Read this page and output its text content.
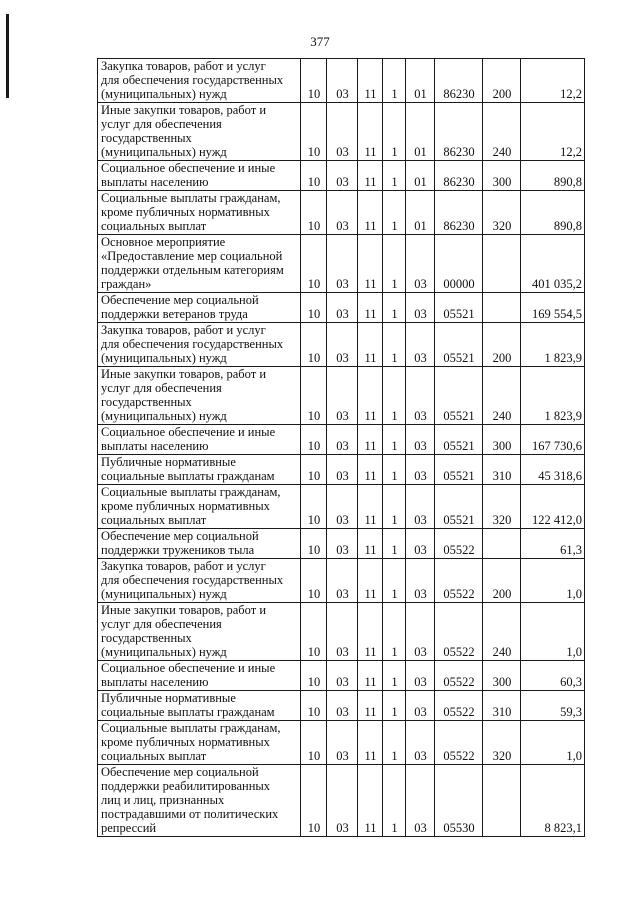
377
Закупка товаров, работ и услуг
для обеспечения государственных
(муниципальных) нужд	10	03	11	1	01	86230	200	12,2

Иные закупки товаров, работ и
услуг для обеспечения
государственных
(муниципальных) нужд	10	03	11	1	01	86230	240	12,2

Социальное обеспечение и иные
выплаты населению	10	03	11	1	01	86230	300	890,8

Социальные выплаты гражданам,
кроме публичных нормативных
социальных выплат	10	03	11	1	01	86230	320	890,8

Основное мероприятие
«Предоставление мер социальной
поддержки отдельным категориям
граждан»	10	03	11	1	03	00000		401 035,2

Обеспечение мер социальной
поддержки ветеранов труда	10	03	11	1	03	05521		169 554,5

Закупка товаров, работ и услуг
для обеспечения государственных
(муниципальных) нужд	10	03	11	1	03	05521	200	1 823,9

Иные закупки товаров, работ и
услуг для обеспечения
государственных
(муниципальных) нужд	10	03	11	1	03	05521	240	1 823,9

Социальное обеспечение и иные
выплаты населению	10	03	11	1	03	05521	300	167 730,6

Публичные нормативные
социальные выплаты гражданам	10	03	11	1	03	05521	310	45 318,6

Социальные выплаты гражданам,
кроме публичных нормативных
социальных выплат	10	03	11	1	03	05521	320	122 412,0

Обеспечение мер социальной
поддержки тружеников тыла	10	03	11	1	03	05522		61,3

Закупка товаров, работ и услуг
для обеспечения государственных
(муниципальных) нужд	10	03	11	1	03	05522	200	1,0

Иные закупки товаров, работ и
услуг для обеспечения
государственных
(муниципальных) нужд	10	03	11	1	03	05522	240	1,0

Социальное обеспечение и иные
выплаты населению	10	03	11	1	03	05522	300	60,3

Публичные нормативные
социальные выплаты гражданам	10	03	11	1	03	05522	310	59,3

Социальные выплаты гражданам,
кроме публичных нормативных
социальных выплат	10	03	11	1	03	05522	320	1,0

Обеспечение мер социальной
поддержки реабилитированных
лиц и лиц, признанных
пострадавшими от политических
репрессий	10	03	11	1	03	05530		8 823,1
